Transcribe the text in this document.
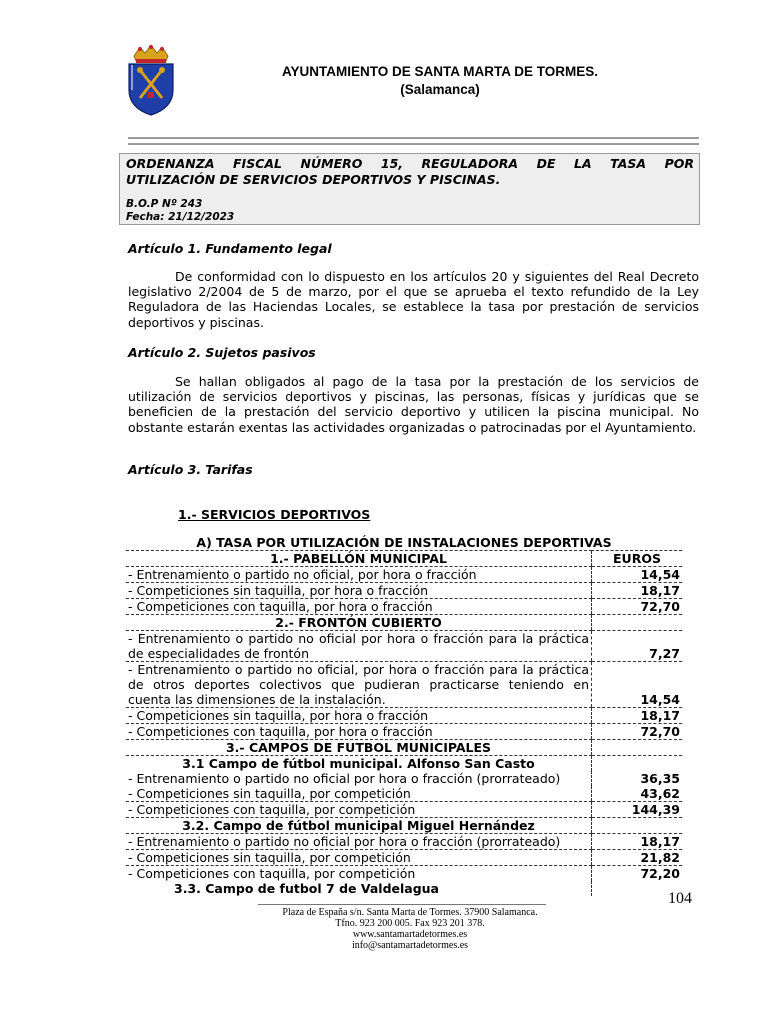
AYUNTAMIENTO DE SANTA MARTA DE TORMES.
(Salamanca)
ORDENANZA FISCAL NÚMERO 15, REGULADORA DE LA TASA POR
UTILIZACIÓN DE SERVICIOS DEPORTIVOS Y PISCINAS.
B.O.P Nº 243
Fecha: 21/12/2023
Artículo 1. Fundamento legal
De conformidad con lo dispuesto en los artículos 20 y siguientes del Real Decreto legislativo 2/2004 de 5 de marzo, por el que se aprueba el texto refundido de la Ley Reguladora de las Haciendas Locales, se establece la tasa por prestación de servicios deportivos y piscinas.
Artículo 2. Sujetos pasivos
Se hallan obligados al pago de la tasa por la prestación de los servicios de utilización de servicios deportivos y piscinas, las personas, físicas y jurídicas que se beneficien de la prestación del servicio deportivo y utilicen la piscina municipal. No obstante estarán exentas las actividades organizadas o patrocinadas por el Ayuntamiento.
Artículo 3. Tarifas
1.- SERVICIOS DEPORTIVOS
A) TASA POR UTILIZACIÓN DE INSTALACIONES DEPORTIVAS	
1.- PABELLÓN MUNICIPAL	EUROS
- Entrenamiento o partido no oficial, por hora o fracción	14,54
- Competiciones sin taquilla, por hora o fracción	18,17
- Competiciones con taquilla, por hora o fracción	72,70
2.- FRONTÓN CUBIERTO	
- Entrenamiento o partido no oficial por hora o fracción para la práctica de especialidades de frontón	7,27
- Entrenamiento o partido no oficial, por hora o fracción para la práctica de otros deportes colectivos que pudieran practicarse teniendo en cuenta las dimensiones de la instalación.	14,54
- Competiciones sin taquilla, por hora o fracción	18,17
- Competiciones con taquilla, por hora o fracción	72,70
3.- CAMPOS DE FUTBOL MUNICIPALES	
3.1 Campo de fútbol municipal. Alfonso San Casto	
- Entrenamiento o partido no oficial por hora o fracción (prorrateado)	36,35
- Competiciones sin taquilla, por competición	43,62
- Competiciones con taquilla, por competición	144,39
3.2. Campo de fútbol municipal Miguel Hernández	
- Entrenamiento o partido no oficial por hora o fracción (prorrateado)	18,17
- Competiciones sin taquilla, por competición	21,82
- Competiciones con taquilla, por competición	72,20
3.3. Campo de futbol 7 de Valdelagua	
104
Plaza de España s/n. Santa Marta de Tormes. 37900 Salamanca.
Tfno. 923 200 005. Fax 923 201 378.
www.santamartadetormes.es
info@santamartadetormes.es
